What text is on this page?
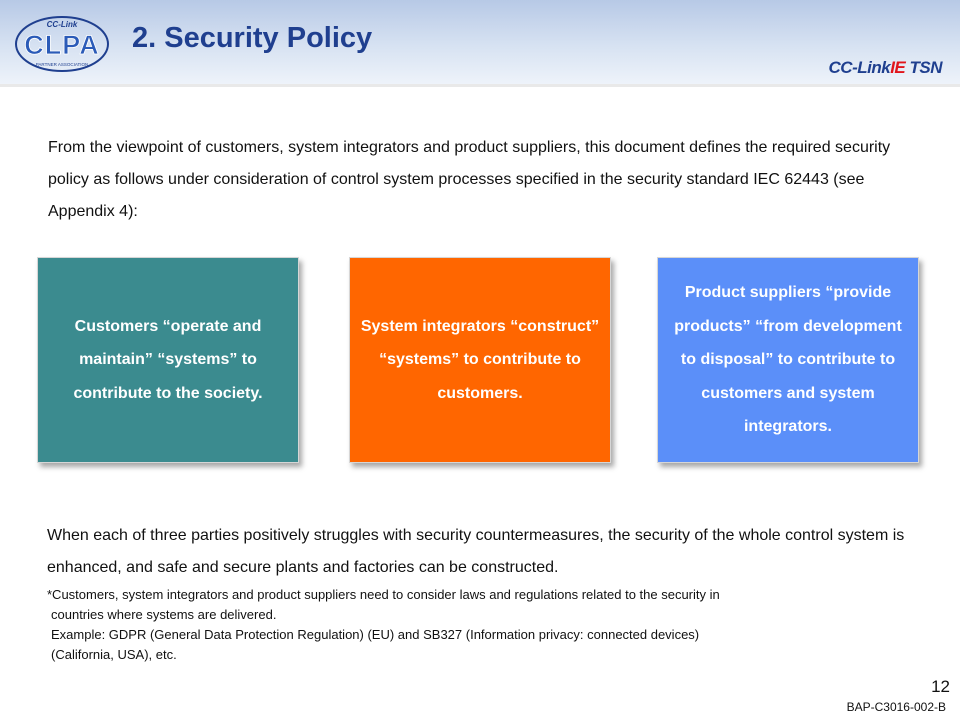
CC-Link
CLPA
PARTNER ASSOCIATION
2. Security Policy
CC-LinkIE TSN
From the viewpoint of customers, system integrators and product suppliers, this document defines the required security policy as follows under consideration of control system processes specified in the security standard IEC 62443 (see Appendix 4):
Customers “operate and maintain” “systems” to contribute to the society.
System integrators “construct” “systems” to contribute to customers.
Product suppliers “provide products” “from development to disposal” to contribute to customers and system integrators.
When each of three parties positively struggles with security countermeasures, the security of the whole control system is enhanced, and safe and secure plants and factories can be constructed.
*Customers, system integrators and product suppliers need to consider laws and regulations related to the security in
countries where systems are delivered.
Example: GDPR (General Data Protection Regulation) (EU) and SB327 (Information privacy: connected devices)
(California, USA), etc.
12
BAP-C3016-002-B
